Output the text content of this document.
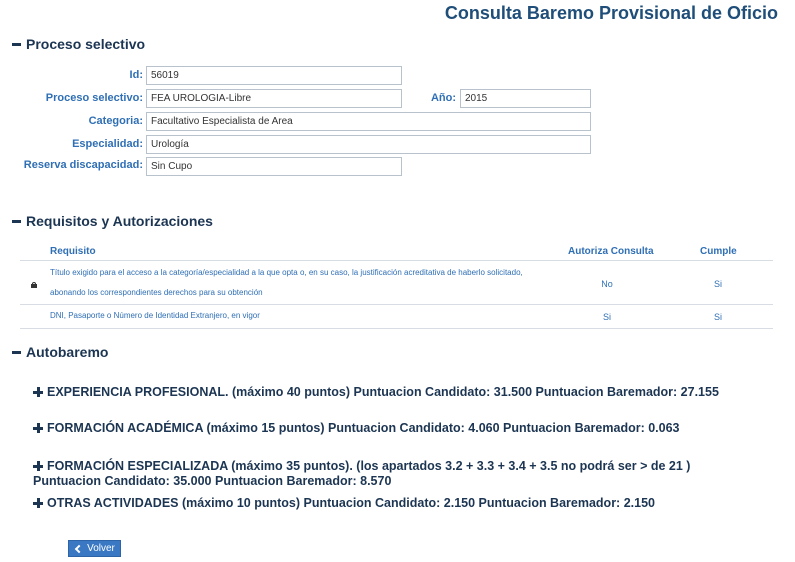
Consulta Baremo Provisional de Oficio
Proceso selectivo
Id: 56019
Proceso selectivo: FEA UROLOGIA-Libre	Año: 2015
Categoria: Facultativo Especialista de Area
Especialidad: Urología
Reserva discapacidad: Sin Cupo
Requisitos y Autorizaciones
Requisito	Autoriza Consulta	Cumple
Título exigido para el acceso a la categoría/especialidad a la que opta o, en su caso, la justificación acreditativa de haberlo solicitado,
abonando los correspondientes derechos para su obtención
No	Si
DNI, Pasaporte o Número de Identidad Extranjero, en vigor	Si	Si
Autobaremo
EXPERIENCIA PROFESIONAL. (máximo 40 puntos) Puntuacion Candidato: 31.500 Puntuacion Baremador: 27.155
FORMACIÓN ACADÉMICA (máximo 15 puntos) Puntuacion Candidato: 4.060 Puntuacion Baremador: 0.063
FORMACIÓN ESPECIALIZADA (máximo 35 puntos). (los apartados 3.2 + 3.3 + 3.4 + 3.5 no podrá ser > de 21 )
Puntuacion Candidato: 35.000 Puntuacion Baremador: 8.570
OTRAS ACTIVIDADES (máximo 10 puntos) Puntuacion Candidato: 2.150 Puntuacion Baremador: 2.150
Volver
